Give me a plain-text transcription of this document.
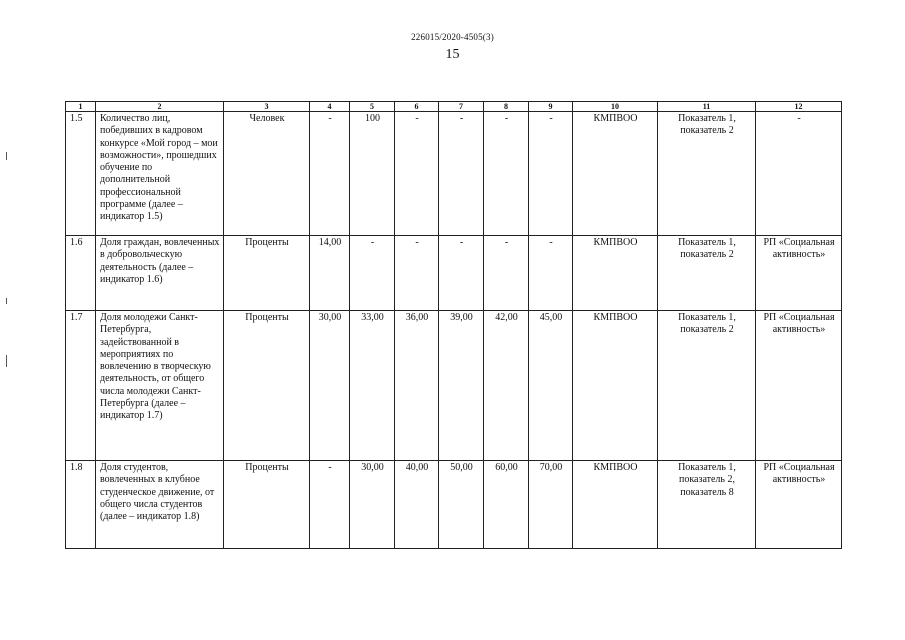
226015/2020-4505(3)
15
1	2	3	4	5	6	7	8	9	10	11	12
1.5	Количество лиц, победивших в кадровом конкурсе «Мой город – мои возможности», прошедших обучение по дополнительной профессиональной программе (далее – индикатор 1.5)	Человек	-	100	-	-	-	-	КМПВОО	Показатель 1, показатель 2	-
1.6	Доля граждан, вовлеченных в добровольческую деятельность (далее – индикатор 1.6)	Проценты	14,00	-	-	-	-	-	КМПВОО	Показатель 1, показатель 2	РП «Социальная активность»
1.7	Доля молодежи Санкт-Петербурга, задействованной в мероприятиях по вовлечению в творческую деятельность, от общего числа молодежи Санкт-Петербурга (далее – индикатор 1.7)	Проценты	30,00	33,00	36,00	39,00	42,00	45,00	КМПВОО	Показатель 1, показатель 2	РП «Социальная активность»
1.8	Доля студентов, вовлеченных в клубное студенческое движение, от общего числа студентов (далее – индикатор 1.8)	Проценты	-	30,00	40,00	50,00	60,00	70,00	КМПВОО	Показатель 1, показатель 2, показатель 8	РП «Социальная активность»
